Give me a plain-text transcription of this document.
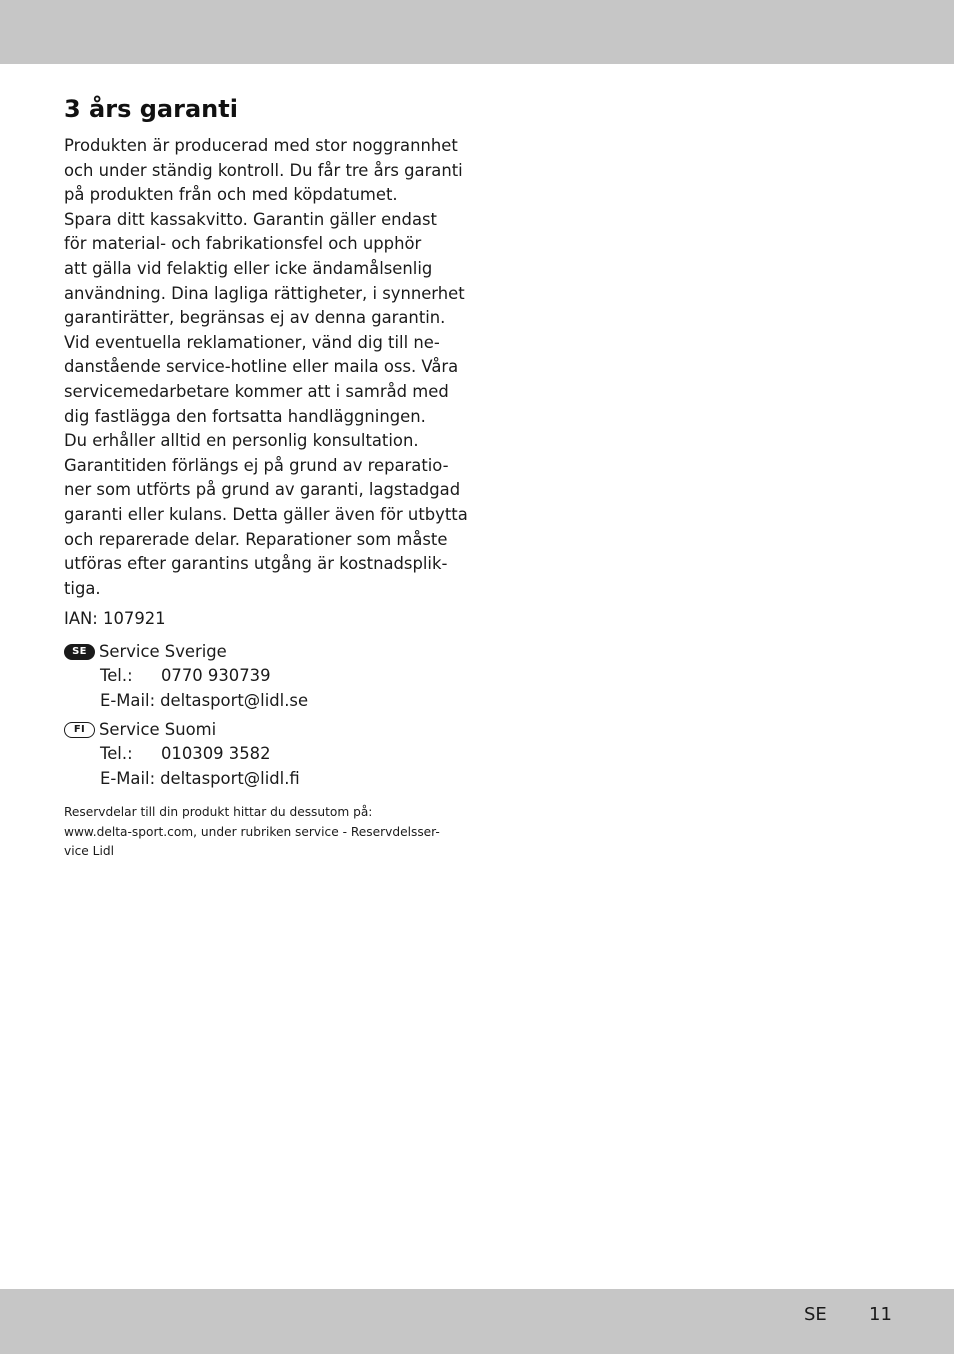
3 års garanti

Produkten är producerad med stor noggrannhet
och under ständig kontroll. Du får tre års garanti
på produkten från och med köpdatumet.
Spara ditt kassakvitto. Garantin gäller endast
för material- och fabrikationsfel och upphör
att gälla vid felaktig eller icke ändamålsenlig
användning. Dina lagliga rättigheter, i synnerhet
garantirätter, begränsas ej av denna garantin.
Vid eventuella reklamationer, vänd dig till ne-
danstående service-hotline eller maila oss. Våra
servicemedarbetare kommer att i samråd med
dig fastlägga den fortsatta handläggningen.
Du erhåller alltid en personlig konsultation.
Garantitiden förlängs ej på grund av reparatio-
ner som utförts på grund av garanti, lagstadgad
garanti eller kulans. Detta gäller även för utbytta
och reparerade delar. Reparationer som måste
utföras efter garantins utgång är kostnadsplik-
tiga.

IAN: 107921

SE Service Sverige
Tel.:	0770 930739
E-Mail: deltasport@lidl.se
FI Service Suomi
Tel.:	010309 3582
E-Mail: deltasport@lidl.fi
Reservdelar till din produkt hittar du dessutom på:
www.delta-sport.com, under rubriken service - Reservdelsser-
vice Lidl
SE 11
